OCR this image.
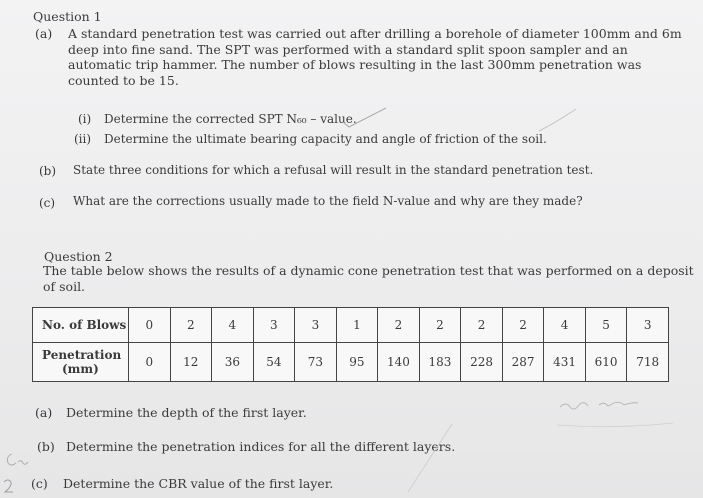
Question 1
(a) A standard penetration test was carried out after drilling a borehole of diameter 100mm and 6m
deep into fine sand. The SPT was performed with a standard split spoon sampler and an
automatic trip hammer. The number of blows resulting in the last 300mm penetration was
counted to be 15.
(i) Determine the corrected SPT N₆₀ – value.
(ii) Determine the ultimate bearing capacity and angle of friction of the soil.
(b) State three conditions for which a refusal will result in the standard penetration test.
(c) What are the corrections usually made to the field N-value and why are they made?
Question 2
The table below shows the results of a dynamic cone penetration test that was performed on a deposit
of soil.
No. of Blows	0	2	4	3	3	1	2	2	2	2	4	5	3

Penetration
(mm)	0	12	36	54	73	95	140	183	228	287	431	610	718
(a) Determine the depth of the first layer.
(b) Determine the penetration indices for all the different layers.
(c) Determine the CBR value of the first layer.
